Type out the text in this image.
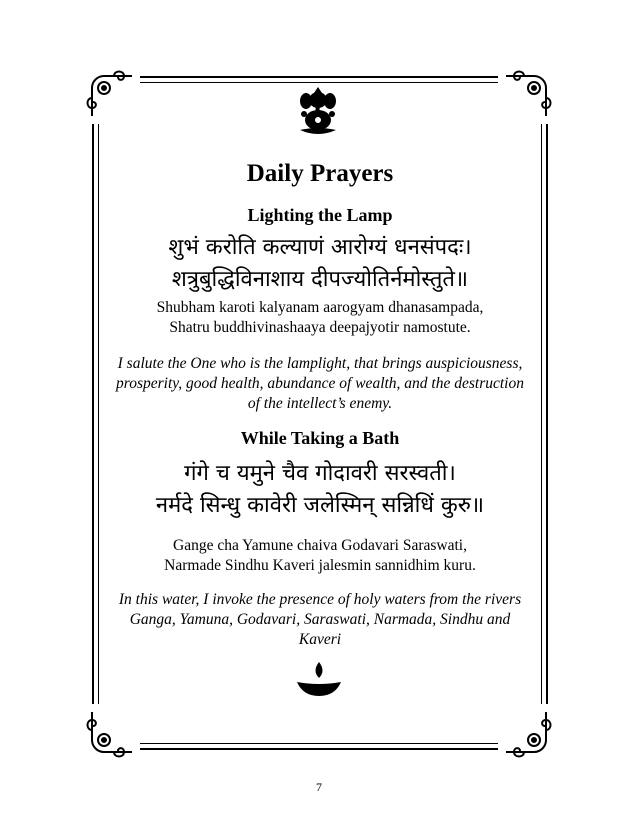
Daily Prayers
Lighting the Lamp
शुभं करोति कल्याणं आरोग्यं धनसंपदः।
शत्रुबुद्धिविनाशाय दीपज्योतिर्नमोस्तुते॥
Shubham karoti kalyanam aarogyam dhanasampada,
Shatru buddhivinashaaya deepajyotir namostute.
I salute the One who is the lamplight, that brings auspiciousness,
prosperity, good health, abundance of wealth, and the destruction
of the intellect’s enemy.
While Taking a Bath
गंगे च यमुने चैव गोदावरी सरस्वती।
नर्मदे सिन्धु कावेरी जलेस्मिन् सन्निधिं कुरु॥
Gange cha Yamune chaiva Godavari Saraswati,
Narmade Sindhu Kaveri jalesmin sannidhim kuru.
In this water, I invoke the presence of holy waters from the rivers
Ganga, Yamuna, Godavari, Saraswati, Narmada, Sindhu and
Kaveri
7
